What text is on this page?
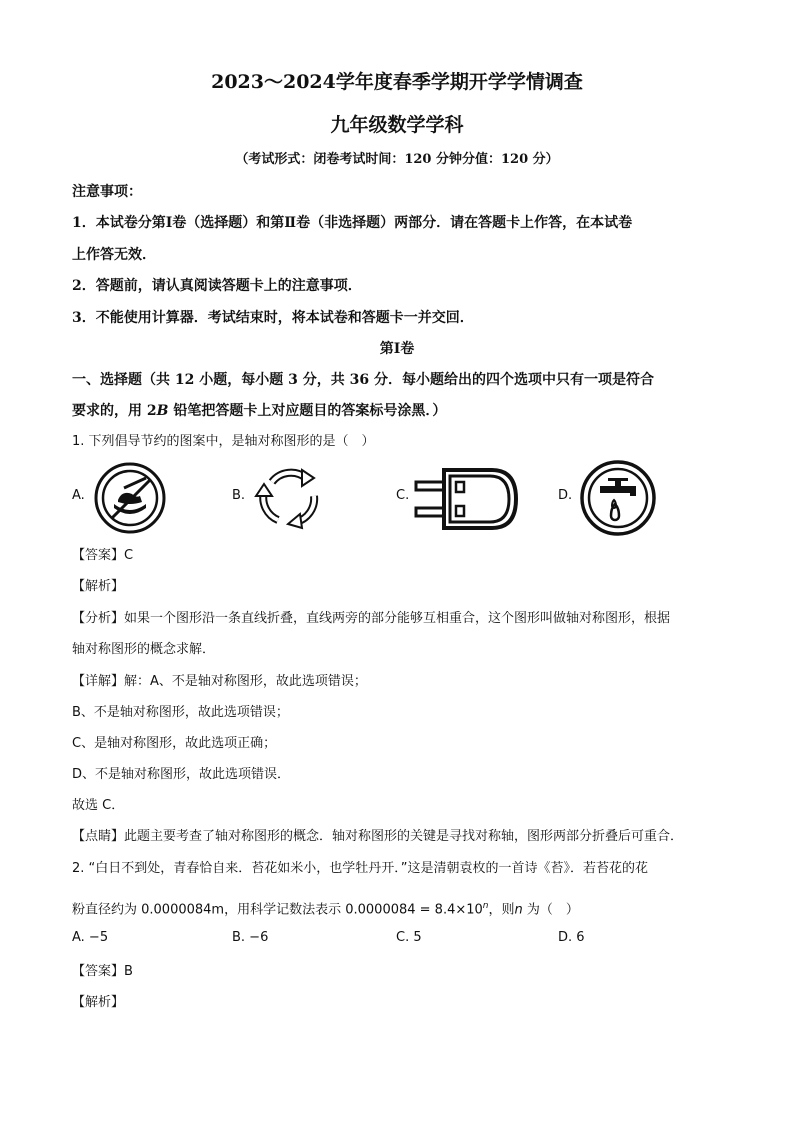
2023～2024学年度春季学期开学学情调查
九年级数学学科
（考试形式：闭卷考试时间：120 分钟分值：120 分）
注意事项：
1．本试卷分第Ⅰ卷（选择题）和第Ⅱ卷（非选择题）两部分．请在答题卡上作答，在本试卷
上作答无效．
2．答题前，请认真阅读答题卡上的注意事项．
3．不能使用计算器．考试结束时，将本试卷和答题卡一并交回．
第Ⅰ卷
一、选择题（共 12 小题，每小题 3 分，共 36 分．每小题给出的四个选项中只有一项是符合
要求的，用 2B 铅笔把答题卡上对应题目的答案标号涂黑．）
1. 下列倡导节约的图案中，是轴对称图形的是（　）
A.	B.	C.	D.
【答案】C
【解析】
【分析】如果一个图形沿一条直线折叠，直线两旁的部分能够互相重合，这个图形叫做轴对称图形，根据
轴对称图形的概念求解．
【详解】解：A、不是轴对称图形，故此选项错误；
B、不是轴对称图形，故此选项错误；
C、是轴对称图形，故此选项正确；
D、不是轴对称图形，故此选项错误．
故选 C．
【点睛】此题主要考查了轴对称图形的概念．轴对称图形的关键是寻找对称轴，图形两部分折叠后可重合．
2. “白日不到处，青春恰自来．苔花如米小，也学牡丹开．”这是清朝袁枚的一首诗《苔》．若苔花的花
粉直径约为 0.0000084m，用科学记数法表示 $0.0000084 = 8.4\times 10^n$，则n 为（　）
A. −5	B. −6	C. 5	D. 6
【答案】B
【解析】
